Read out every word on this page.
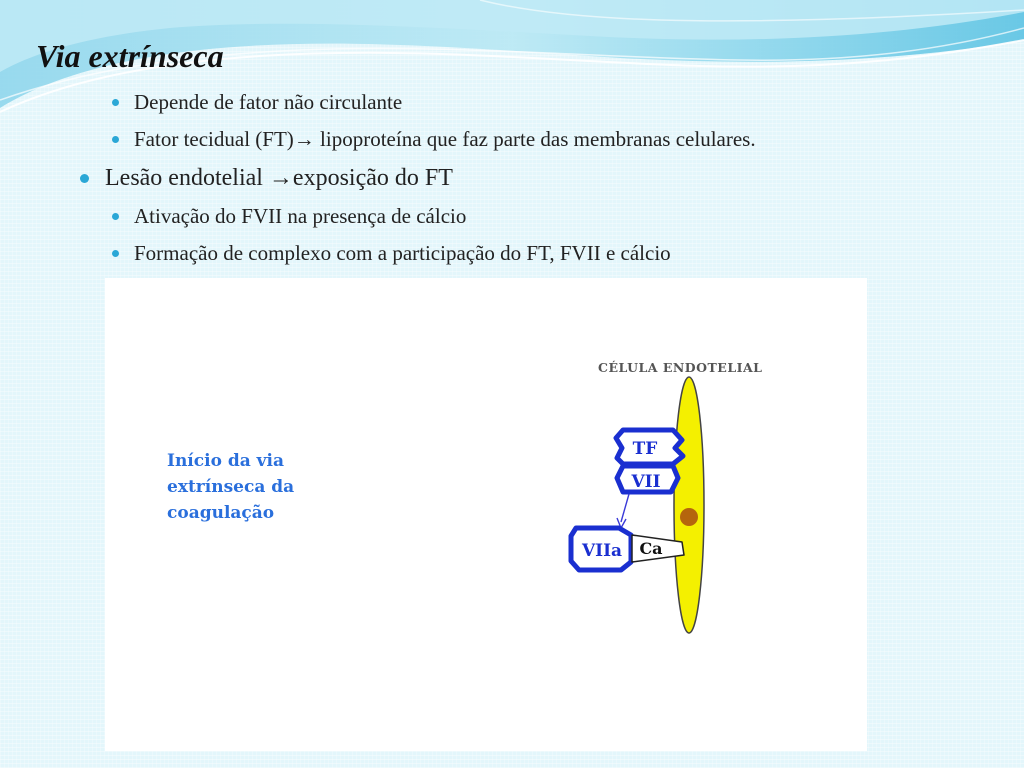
Via extrínseca
Depende de fator não circulante
Fator tecidual (FT)→ lipoproteína que faz parte das membranas celulares.
Lesão endotelial →exposição do FT
Ativação do FVII na presença de cálcio
Formação de complexo com a participação do FT, FVII e cálcio

Início da via
extrínseca da
coagulação

CÉLULA ENDOTELIAL
TF
VII
VIIa Ca
